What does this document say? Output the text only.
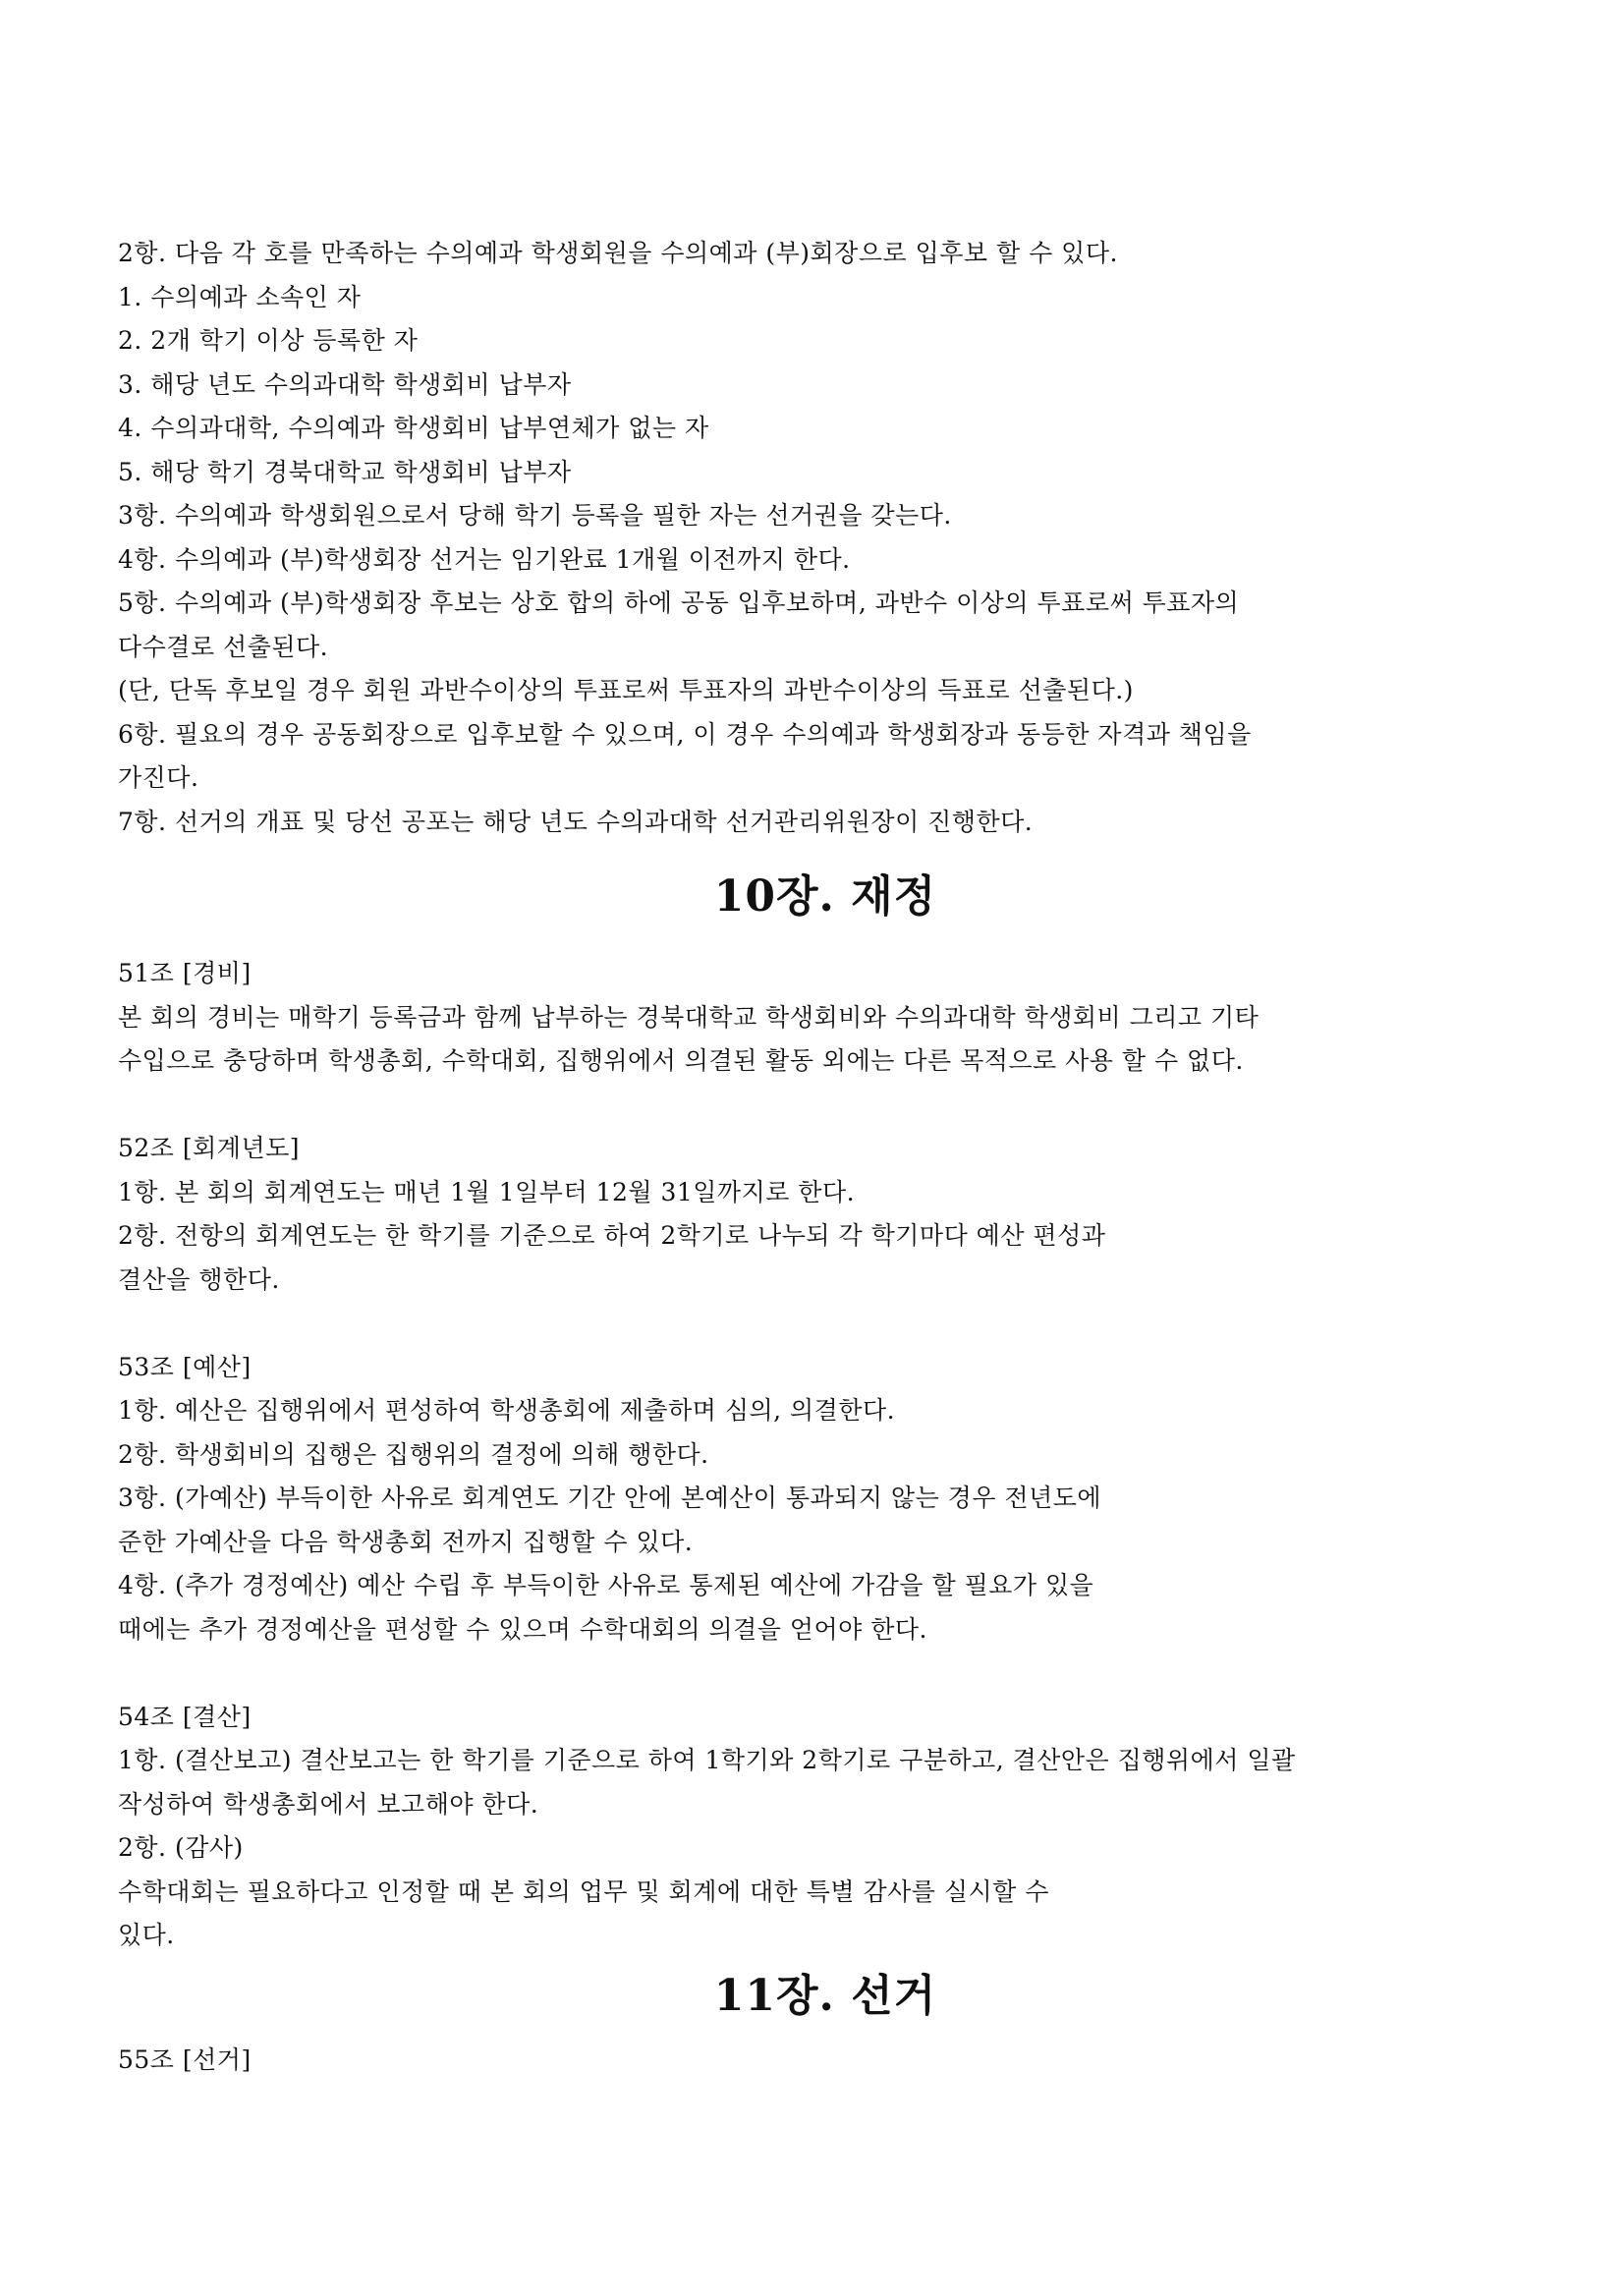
2항. 다음 각 호를 만족하는 수의예과 학생회원을 수의예과 (부)회장으로 입후보 할 수 있다.
1. 수의예과 소속인 자
2. 2개 학기 이상 등록한 자
3. 해당 년도 수의과대학 학생회비 납부자
4. 수의과대학, 수의예과 학생회비 납부연체가 없는 자
5. 해당 학기 경북대학교 학생회비 납부자
3항. 수의예과 학생회원으로서 당해 학기 등록을 필한 자는 선거권을 갖는다.
4항. 수의예과 (부)학생회장 선거는 임기완료 1개월 이전까지 한다.
5항. 수의예과 (부)학생회장 후보는 상호 합의 하에 공동 입후보하며, 과반수 이상의 투표로써 투표자의
다수결로 선출된다.
(단, 단독 후보일 경우 회원 과반수이상의 투표로써 투표자의 과반수이상의 득표로 선출된다.)
6항. 필요의 경우 공동회장으로 입후보할 수 있으며, 이 경우 수의예과 학생회장과 동등한 자격과 책임을
가진다.
7항. 선거의 개표 및 당선 공포는 해당 년도 수의과대학 선거관리위원장이 진행한다.
10장. 재정
51조 [경비]
본 회의 경비는 매학기 등록금과 함께 납부하는 경북대학교 학생회비와 수의과대학 학생회비 그리고 기타
수입으로 충당하며 학생총회, 수학대회, 집행위에서 의결된 활동 외에는 다른 목적으로 사용 할 수 없다.
52조 [회계년도]
1항. 본 회의 회계연도는 매년 1월 1일부터 12월 31일까지로 한다.
2항. 전항의 회계연도는 한 학기를 기준으로 하여 2학기로 나누되 각 학기마다 예산 편성과
결산을 행한다.
53조 [예산]
1항. 예산은 집행위에서 편성하여 학생총회에 제출하며 심의, 의결한다.
2항. 학생회비의 집행은 집행위의 결정에 의해 행한다.
3항. (가예산) 부득이한 사유로 회계연도 기간 안에 본예산이 통과되지 않는 경우 전년도에
준한 가예산을 다음 학생총회 전까지 집행할 수 있다.
4항. (추가 경정예산) 예산 수립 후 부득이한 사유로 통제된 예산에 가감을 할 필요가 있을
때에는 추가 경정예산을 편성할 수 있으며 수학대회의 의결을 얻어야 한다.
54조 [결산]
1항. (결산보고) 결산보고는 한 학기를 기준으로 하여 1학기와 2학기로 구분하고, 결산안은 집행위에서 일괄
작성하여 학생총회에서 보고해야 한다.
2항. (감사)
수학대회는 필요하다고 인정할 때 본 회의 업무 및 회계에 대한 특별 감사를 실시할 수
있다.
11장. 선거
55조 [선거]
